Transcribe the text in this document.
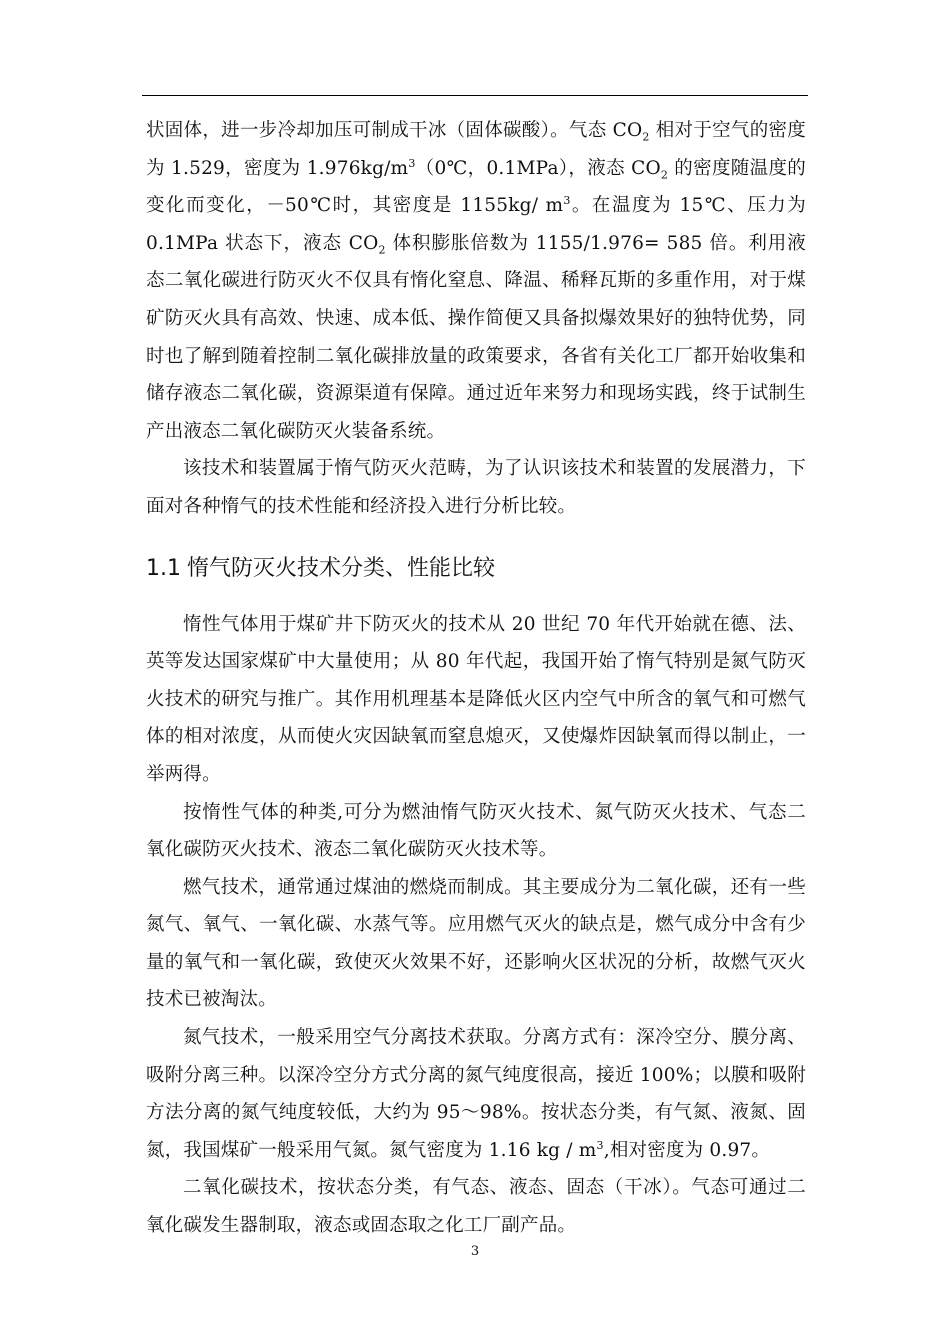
状固体，进一步冷却加压可制成干冰（固体碳酸）。气态 $CO_2$ 相对于空气的密度为 1.529，密度为 $1.976kg/m^3(0℃$，0.1MPa），液态 $CO_2$ 的密度随温度的变化而变化，－50℃时，其密度是 1155kg/ $m^3$。在温度为 15℃、压力为 0.1MPa 状态下，液态 $CO_2$ 体积膨胀倍数为 1155/1.976= 585 倍。利用液态二氧化碳进行防灭火不仅具有惰化窒息、降温、稀释瓦斯的多重作用，对于煤矿防灭火具有高效、快速、成本低、操作简便又具备拟爆效果好的独特优势，同时也了解到随着控制二氧化碳排放量的政策要求，各省有关化工厂都开始收集和储存液态二氧化碳，资源渠道有保障。通过近年来努力和现场实践，终于试制生产出液态二氧化碳防灭火装备系统。

该技术和装置属于惰气防灭火范畴，为了认识该技术和装置的发展潜力，下面对各种惰气的技术性能和经济投入进行分析比较。

1.1 惰气防灭火技术分类、性能比较

惰性气体用于煤矿井下防灭火的技术从 20 世纪 70 年代开始就在德、法、英等发达国家煤矿中大量使用；从 80 年代起，我国开始了惰气特别是氮气防灭火技术的研究与推广。其作用机理基本是降低火区内空气中所含的氧气和可燃气体的相对浓度，从而使火灾因缺氧而窒息熄灭，又使爆炸因缺氧而得以制止，一举两得。

按惰性气体的种类,可分为燃油惰气防灭火技术、氮气防灭火技术、气态二氧化碳防灭火技术、液态二氧化碳防灭火技术等。

燃气技术，通常通过煤油的燃烧而制成。其主要成分为二氧化碳，还有一些氮气、氧气、一氧化碳、水蒸气等。应用燃气灭火的缺点是，燃气成分中含有少量的氧气和一氧化碳，致使灭火效果不好，还影响火区状况的分析，故燃气灭火技术已被淘汰。

氮气技术，一般采用空气分离技术获取。分离方式有：深冷空分、膜分离、吸附分离三种。以深冷空分方式分离的氮气纯度很高，接近 100%；以膜和吸附方法分离的氮气纯度较低，大约为 95～98%。按状态分类，有气氮、液氮、固氮，我国煤矿一般采用气氮。氮气密度为 1.16 kg / $m^3$,相对密度为 0.97。

二氧化碳技术，按状态分类，有气态、液态、固态（干冰）。气态可通过二氧化碳发生器制取，液态或固态取之化工厂副产品。

3
